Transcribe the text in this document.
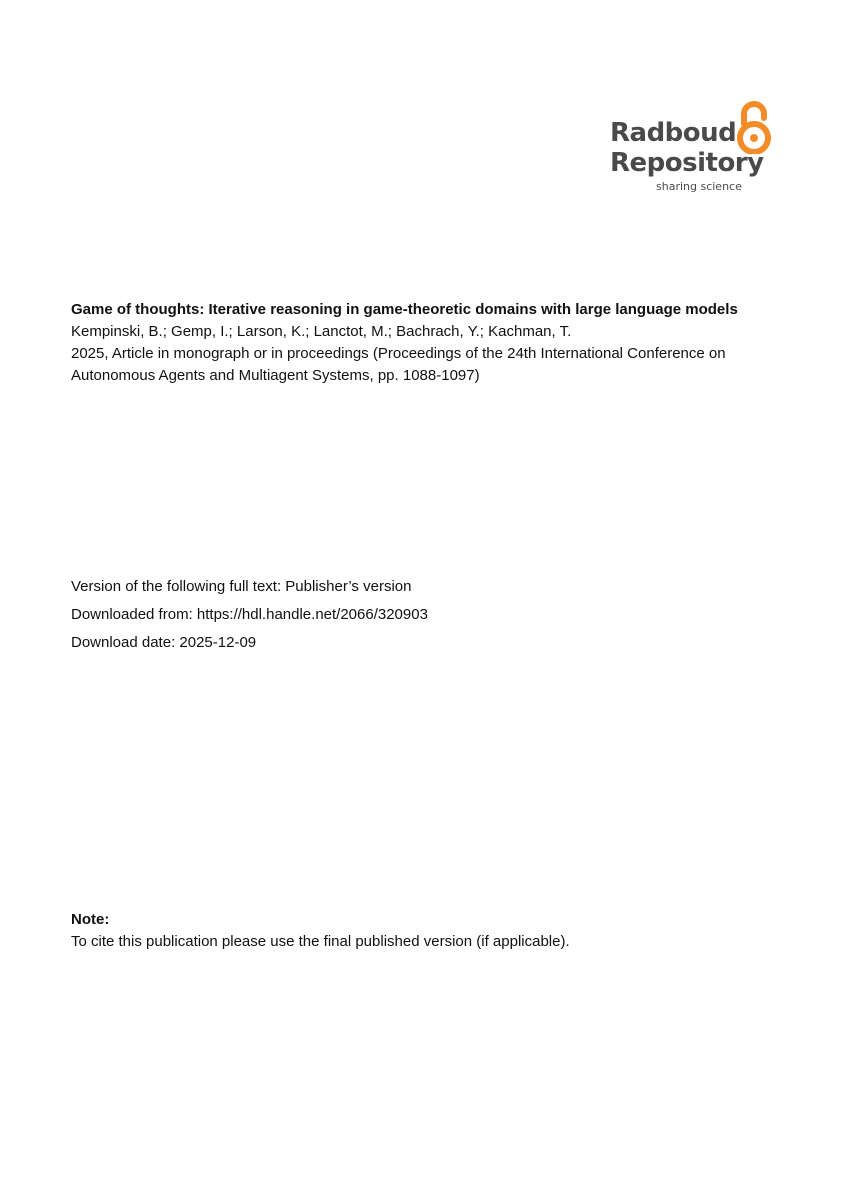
Radboud
Repository
sharing science
Game of thoughts: Iterative reasoning in game-theoretic domains with large language models
Kempinski, B.; Gemp, I.; Larson, K.; Lanctot, M.; Bachrach, Y.; Kachman, T.
2025, Article in monograph or in proceedings (Proceedings of the 24th International Conference on
Autonomous Agents and Multiagent Systems, pp. 1088-1097)
Version of the following full text: Publisher’s version
Downloaded from: https://hdl.handle.net/2066/320903
Download date: 2025-12-09
Note:
To cite this publication please use the final published version (if applicable).
